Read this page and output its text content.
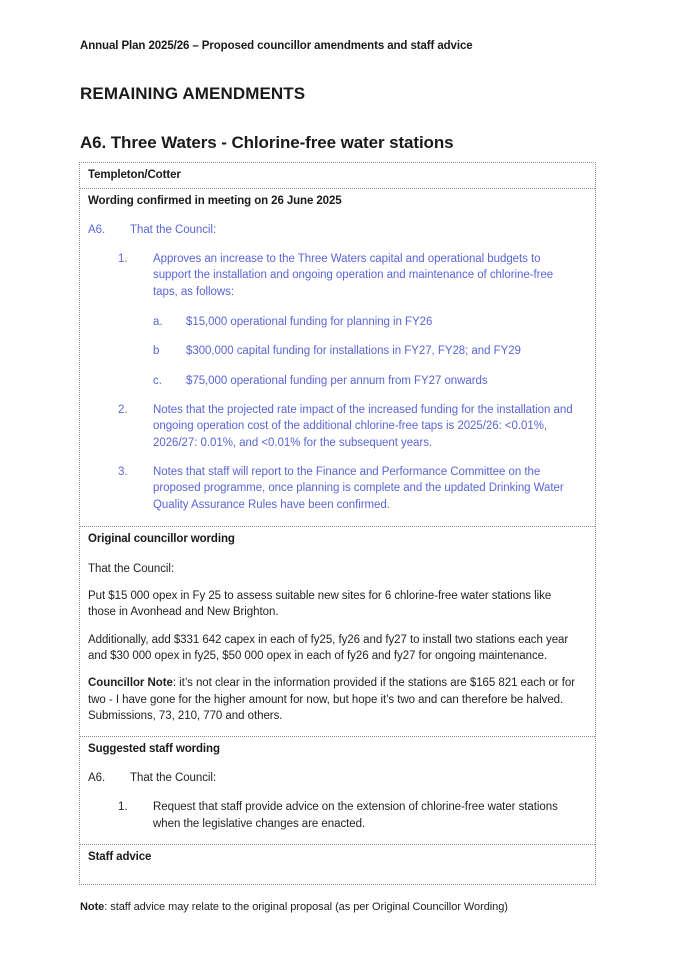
Annual Plan 2025/26 – Proposed councillor amendments and staff advice
REMAINING AMENDMENTS
A6. Three Waters - Chlorine-free water stations
Templeton/Cotter
Wording confirmed in meeting on 26 June 2025
A6.	That the Council:
1.	Approves an increase to the Three Waters capital and operational budgets to support the installation and ongoing operation and maintenance of chlorine-free taps, as follows:
a.	$15,000 operational funding for planning in FY26
b	$300,000 capital funding for installations in FY27, FY28; and FY29
c.	$75,000 operational funding per annum from FY27 onwards
2.	Notes that the projected rate impact of the increased funding for the installation and ongoing operation cost of the additional chlorine-free taps is 2025/26: <0.01%, 2026/27: 0.01%, and <0.01% for the subsequent years.
3.	Notes that staff will report to the Finance and Performance Committee on the proposed programme, once planning is complete and the updated Drinking Water Quality Assurance Rules have been confirmed.
Original councillor wording
That the Council:
Put $15 000 opex in Fy 25 to assess suitable new sites for 6 chlorine-free water stations like those in Avonhead and New Brighton.
Additionally, add $331 642 capex in each of fy25, fy26 and fy27 to install two stations each year and $30 000 opex in fy25, $50 000 opex in each of fy26 and fy27 for ongoing maintenance.
Councillor Note: it’s not clear in the information provided if the stations are $165 821 each or for two - I have gone for the higher amount for now, but hope it’s two and can therefore be halved. Submissions, 73, 210, 770 and others.
Suggested staff wording
A6.	That the Council:
1.	Request that staff provide advice on the extension of chlorine-free water stations when the legislative changes are enacted.
Staff advice
Note: staff advice may relate to the original proposal (as per Original Councillor Wording)
